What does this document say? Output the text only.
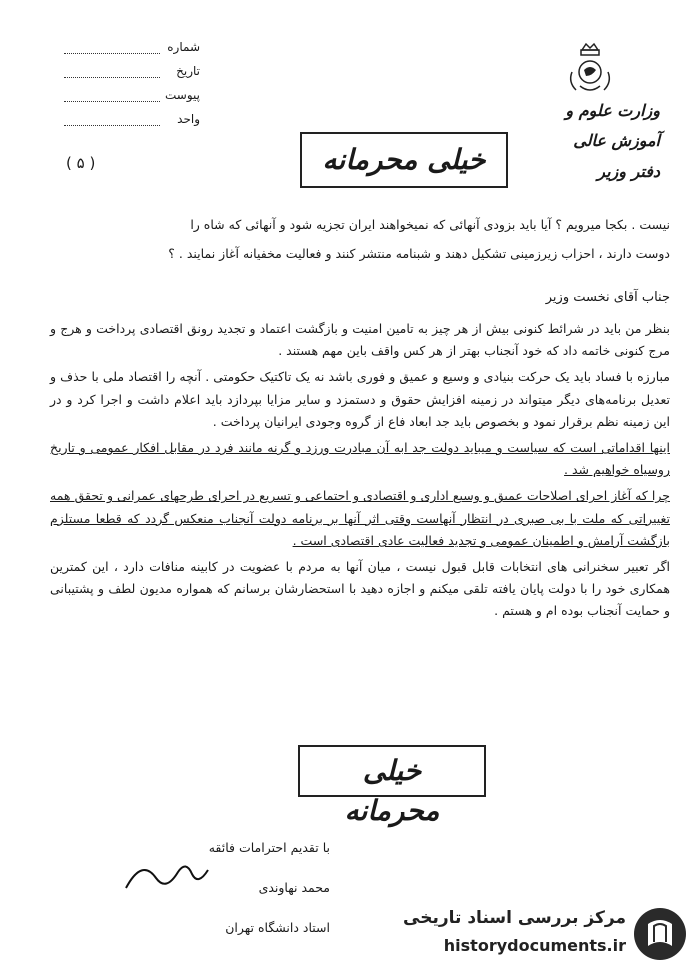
شماره
تاریخ
پیوست
واحد	وزارت علوم و آموزش عالی
دفتر وزیر
( ۵ )	خیلی محرمانه

نیست . بکجا میرویم ؟ آیا باید بزودی آنهائی که نمیخواهند ایران تجزیه شود و آنهائی که شاه را

دوست دارند ، احزاب زیرزمینی تشکیل دهند و شبنامه منتشر کنند و فعالیت مخفیانه آغاز نمایند . ؟

جناب آقای نخست وزیر

بنظر من باید در شرائط کنونی بیش از هر چیز به تامین امنیت و بازگشت اعتماد و تجدید رونق اقتصادی پرداخت و هرج و مرج کنونی خاتمه داد که خود آنجناب بهتر از هر کس واقف باین مهم هستند .

مبارزه با فساد باید یک حرکت بنیادی و وسیع و عمیق و فوری باشد نه یک تاکتیک حکومتی . آنچه را اقتصاد ملی با حذف و تعدیل برنامه‌های دیگر میتواند در زمینه افزایش حقوق و دستمزد و سایر مزایا بپردازد باید اعلام داشت و اجرا کرد و در این زمینه نظم برقرار نمود و بخصوص باید جد ابعاد فاع از گروه وجودی ایرانیان پرداخت .

اینها اقداماتی است که سیاست و میباید دولت جد ابه آن مبادرت ورزد و گرنه مانند فرد در مقابل افکار عمومی و تاریخ روسیاه خواهیم شد .

چرا که آغاز اجرای اصلاحات عمیق و وسیع اداری و اقتصادی و اجتماعی و تسریع در اجرای طرحهای عمرانی و تحقق همه تغییراتی که ملت با بی صبری در انتظار آنهاست وقتی اثر آنها بر برنامه دولت آنجناب منعکس گردد که قطعا مستلزم بازگشت آرامش و اطمینان عمومی و تجدید فعالیت عادی اقتصادی است .

اگر تعبیر سخنرانی های انتخابات قابل قبول نیست ، میان آنها به مردم با عضویت در کابینه منافات دارد ، این کمترین همکاری خود را با دولت پایان یافته تلقی میکنم و اجازه دهید با استحضارشان برسانم که همواره مدیون لطف و پشتیبانی و حمایت آنجناب بوده ام و هستم .

خیلی محرمانه
با تقدیم احترامات فائقه
محمد نهاوندی
استاد دانشگاه تهران	مرکز بررسی اسناد تاریخی
historydocuments.ir
